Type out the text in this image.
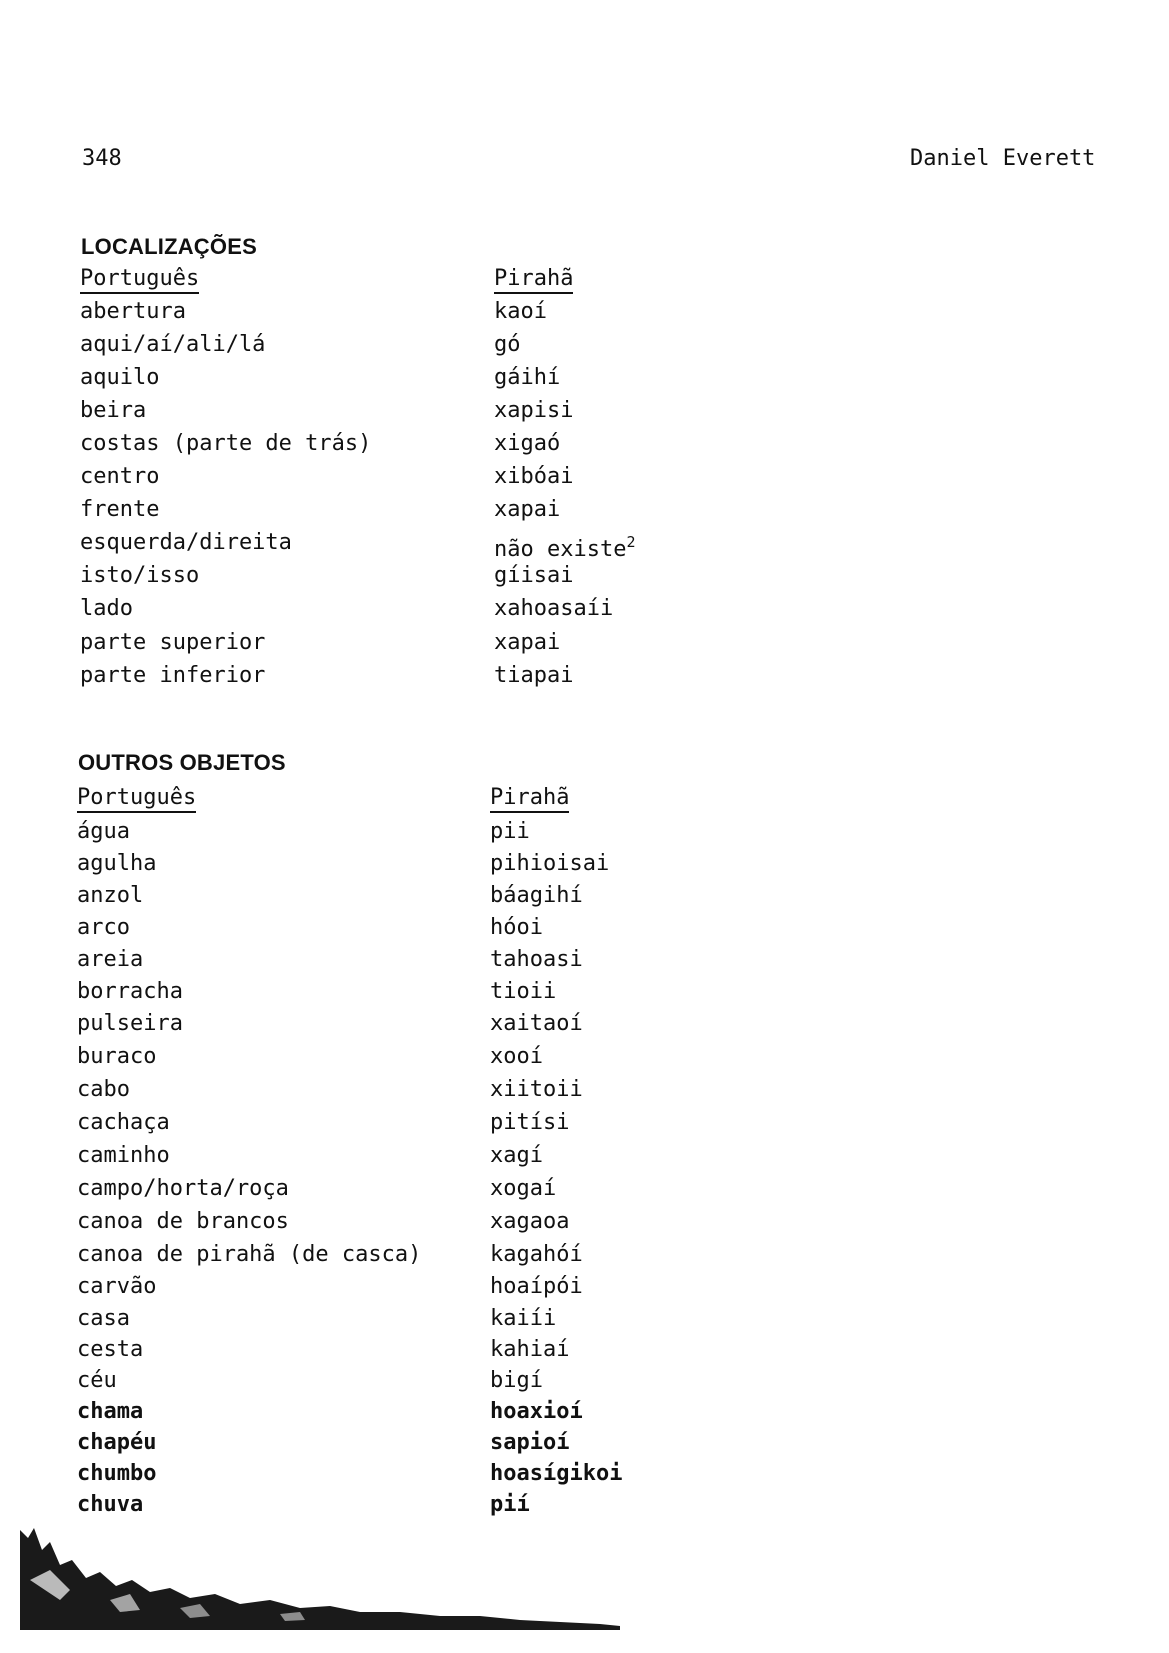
348	Daniel Everett
LOCALIZAÇÕES
Português	Pirahã
abertura	kaoí
aqui/aí/ali/lá	gó
aquilo	gáihí
beira	xapisi
costas (parte de trás)	xigaó
centro	xibóai
frente	xapai
esquerda/direita	não existe$^2$
isto/isso	gíisai
lado	xahoasaíi
parte superior	xapai
parte inferior	tiapai
OUTROS OBJETOS
Português	Pirahã
água	pii
agulha	pihioisai
anzol	báagihí
arco	hóoi
areia	tahoasi
borracha	tioii
pulseira	xaitaoí
buraco	xooí
cabo	xiitoii
cachaça	pitísi
caminho	xagí
campo/horta/roça	xogaí
canoa de brancos	xagaoa
canoa de pirahã (de casca)	kagahóí
carvão	hoaípói
casa	kaiíi
cesta	kahiaí
céu	bigí
chama	hoaxioí
chapéu	sapioí
chumbo	hoasígikoi
chuva	pií
